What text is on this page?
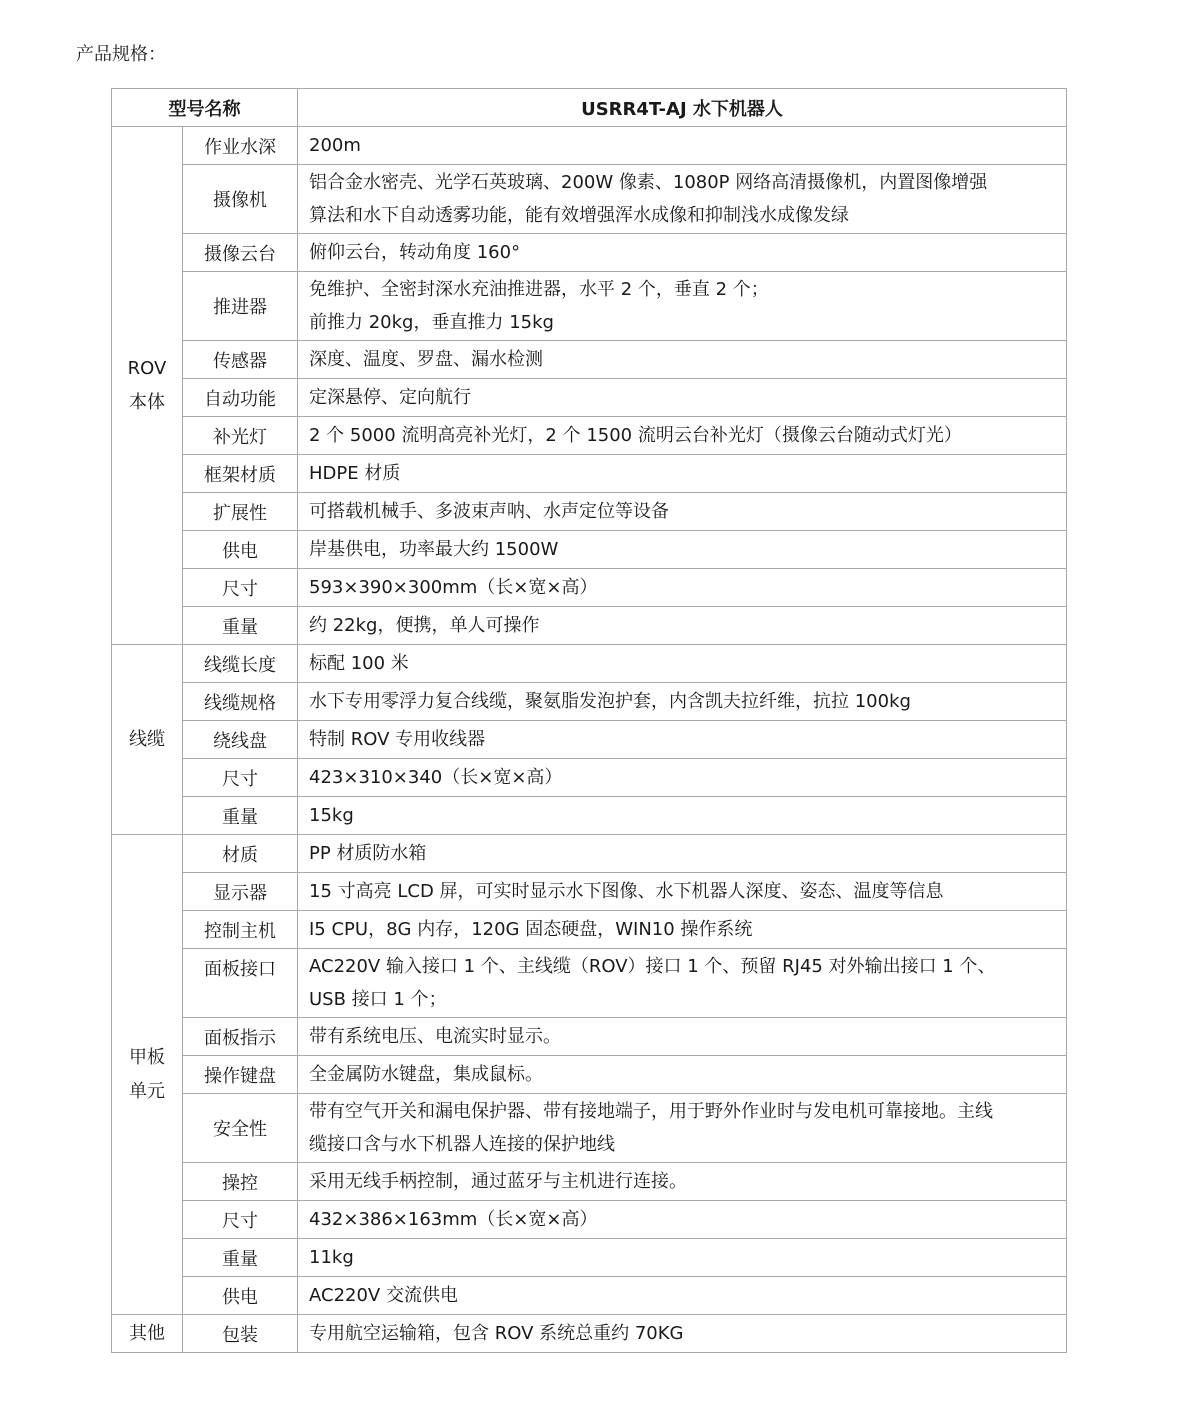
产品规格：
型号名称		USRR4T-AJ 水下机器人

ROV
本体	作业水深	200m

	摄像机	铝合金水密壳、光学石英玻璃、200W 像素、1080P 网络高清摄像机，内置图像增强
算法和水下自动透雾功能，能有效增强浑水成像和抑制浅水成像发绿

	摄像云台	俯仰云台，转动角度 160°

	推进器	免维护、全密封深水充油推进器，水平 2 个，垂直 2 个；
前推力 20kg，垂直推力 15kg

	传感器	深度、温度、罗盘、漏水检测

	自动功能	定深悬停、定向航行

	补光灯	2 个 5000 流明高亮补光灯，2 个 1500 流明云台补光灯（摄像云台随动式灯光）

	框架材质	HDPE 材质

	扩展性	可搭载机械手、多波束声呐、水声定位等设备

	供电	岸基供电，功率最大约 1500W

	尺寸	593×390×300mm（长×宽×高）

	重量	约 22kg，便携，单人可操作

线缆	线缆长度	标配 100 米

	线缆规格	水下专用零浮力复合线缆，聚氨脂发泡护套，内含凯夫拉纤维，抗拉 100kg

	绕线盘	特制 ROV 专用收线器

	尺寸	423×310×340（长×宽×高）

	重量	15kg

甲板
单元	材质	PP 材质防水箱

	显示器	15 寸高亮 LCD 屏，可实时显示水下图像、水下机器人深度、姿态、温度等信息

	控制主机	I5 CPU，8G 内存，120G 固态硬盘，WIN10 操作系统

	面板接口	AC220V 输入接口 1 个、主线缆（ROV）接口 1 个、预留 RJ45 对外输出接口 1 个、
USB 接口 1 个；

	面板指示	带有系统电压、电流实时显示。

	操作键盘	全金属防水键盘，集成鼠标。

	安全性	带有空气开关和漏电保护器、带有接地端子，用于野外作业时与发电机可靠接地。主线
缆接口含与水下机器人连接的保护地线

	操控	采用无线手柄控制，通过蓝牙与主机进行连接。

	尺寸	432×386×163mm（长×宽×高）

	重量	11kg

	供电	AC220V 交流供电

其他	包装	专用航空运输箱，包含 ROV 系统总重约 70KG
